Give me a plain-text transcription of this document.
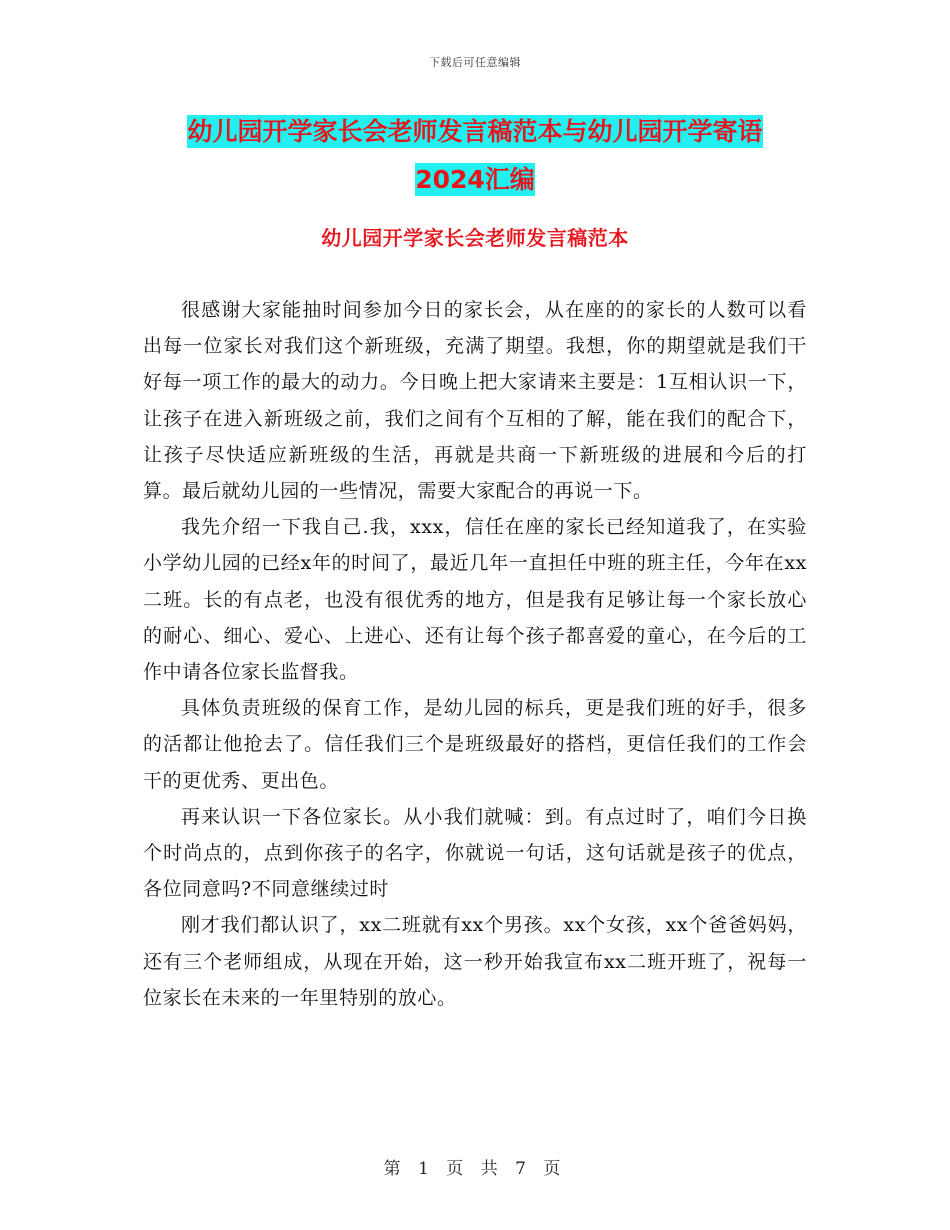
下载后可任意编辑
幼儿园开学家长会老师发言稿范本与幼儿园开学寄语
2024汇编
幼儿园开学家长会老师发言稿范本

很感谢大家能抽时间参加今日的家长会，从在座的的家长的人数可以看出每一位家长对我们这个新班级，充满了期望。我想，你的期望就是我们干好每一项工作的最大的动力。今日晚上把大家请来主要是：1互相认识一下，让孩子在进入新班级之前，我们之间有个互相的了解，能在我们的配合下，让孩子尽快适应新班级的生活，再就是共商一下新班级的进展和今后的打算。最后就幼儿园的一些情况，需要大家配合的再说一下。

我先介绍一下我自己.我，xxx，信任在座的家长已经知道我了，在实验小学幼儿园的已经x年的时间了，最近几年一直担任中班的班主任，今年在xx二班。长的有点老，也没有很优秀的地方，但是我有足够让每一个家长放心的耐心、细心、爱心、上进心、还有让每个孩子都喜爱的童心，在今后的工作中请各位家长监督我。

具体负责班级的保育工作，是幼儿园的标兵，更是我们班的好手，很多的活都让他抢去了。信任我们三个是班级最好的搭档，更信任我们的工作会干的更优秀、更出色。

再来认识一下各位家长。从小我们就喊：到。有点过时了，咱们今日换个时尚点的，点到你孩子的名字，你就说一句话，这句话就是孩子的优点，各位同意吗?不同意继续过时

刚才我们都认识了，xx二班就有xx个男孩。xx个女孩，xx个爸爸妈妈，还有三个老师组成，从现在开始，这一秒开始我宣布xx二班开班了，祝每一位家长在未来的一年里特别的放心。

第 1 页 共 7 页
